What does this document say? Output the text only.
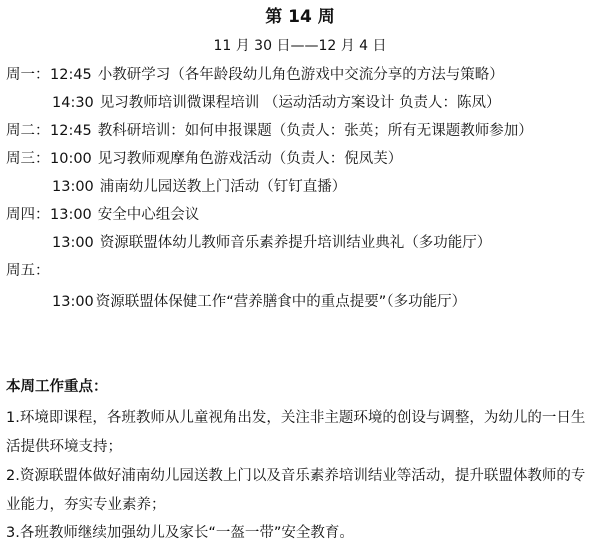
第 14 周
11 月 30 日——12 月 4 日
周一： 12:45 小教研学习（各年龄段幼儿角色游戏中交流分享的方法与策略）
14:30 见习教师培训微课程培训 （运动活动方案设计 负责人：陈凤）
周二： 12:45 教科研培训：如何申报课题（负责人：张英；所有无课题教师参加）
周三： 10:00 见习教师观摩角色游戏活动（负责人：倪凤芙）
13:00 浦南幼儿园送教上门活动（钉钉直播）
周四： 13:00 安全中心组会议
13:00 资源联盟体幼儿教师音乐素养提升培训结业典礼（多功能厅）
周五：
13:00 资源联盟体保健工作“营养膳食中的重点提要”（多功能厅）
本周工作重点：
1.环境即课程，各班教师从儿童视角出发，关注非主题环境的创设与调整，为幼儿的一日生活提供环境支持；
2.资源联盟体做好浦南幼儿园送教上门以及音乐素养培训结业等活动，提升联盟体教师的专业能力，夯实专业素养；
3.各班教师继续加强幼儿及家长“一盔一带”安全教育。
